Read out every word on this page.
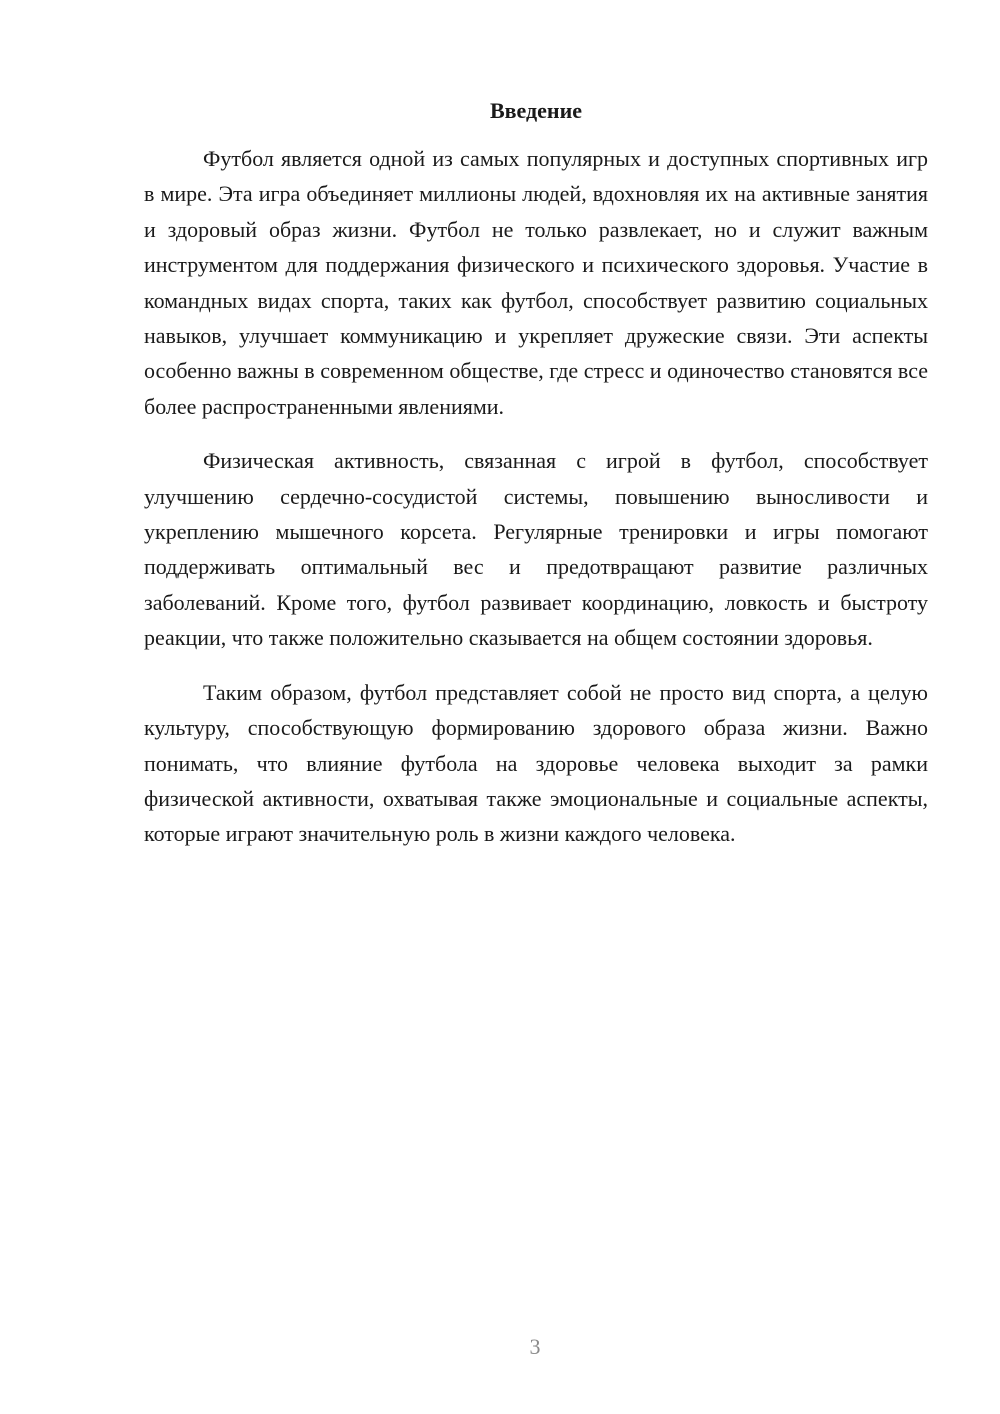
Введение

Футбол является одной из самых популярных и доступных спортивных игр в мире. Эта игра объединяет миллионы людей, вдохновляя их на активные занятия и здоровый образ жизни. Футбол не только развлекает, но и служит важным инструментом для поддержания физического и психического здоровья. Участие в командных видах спорта, таких как футбол, способствует развитию социальных навыков, улучшает коммуникацию и укрепляет дружеские связи. Эти аспекты особенно важны в современном обществе, где стресс и одиночество становятся все более распространенными явлениями.

Физическая активность, связанная с игрой в футбол, способствует улучшению сердечно-сосудистой системы, повышению выносливости и укреплению мышечного корсета. Регулярные тренировки и игры помогают поддерживать оптимальный вес и предотвращают развитие различных заболеваний. Кроме того, футбол развивает координацию, ловкость и быстроту реакции, что также положительно сказывается на общем состоянии здоровья.

Таким образом, футбол представляет собой не просто вид спорта, а целую культуру, способствующую формированию здорового образа жизни. Важно понимать, что влияние футбола на здоровье человека выходит за рамки физической активности, охватывая также эмоциональные и социальные аспекты, которые играют значительную роль в жизни каждого человека.

3
